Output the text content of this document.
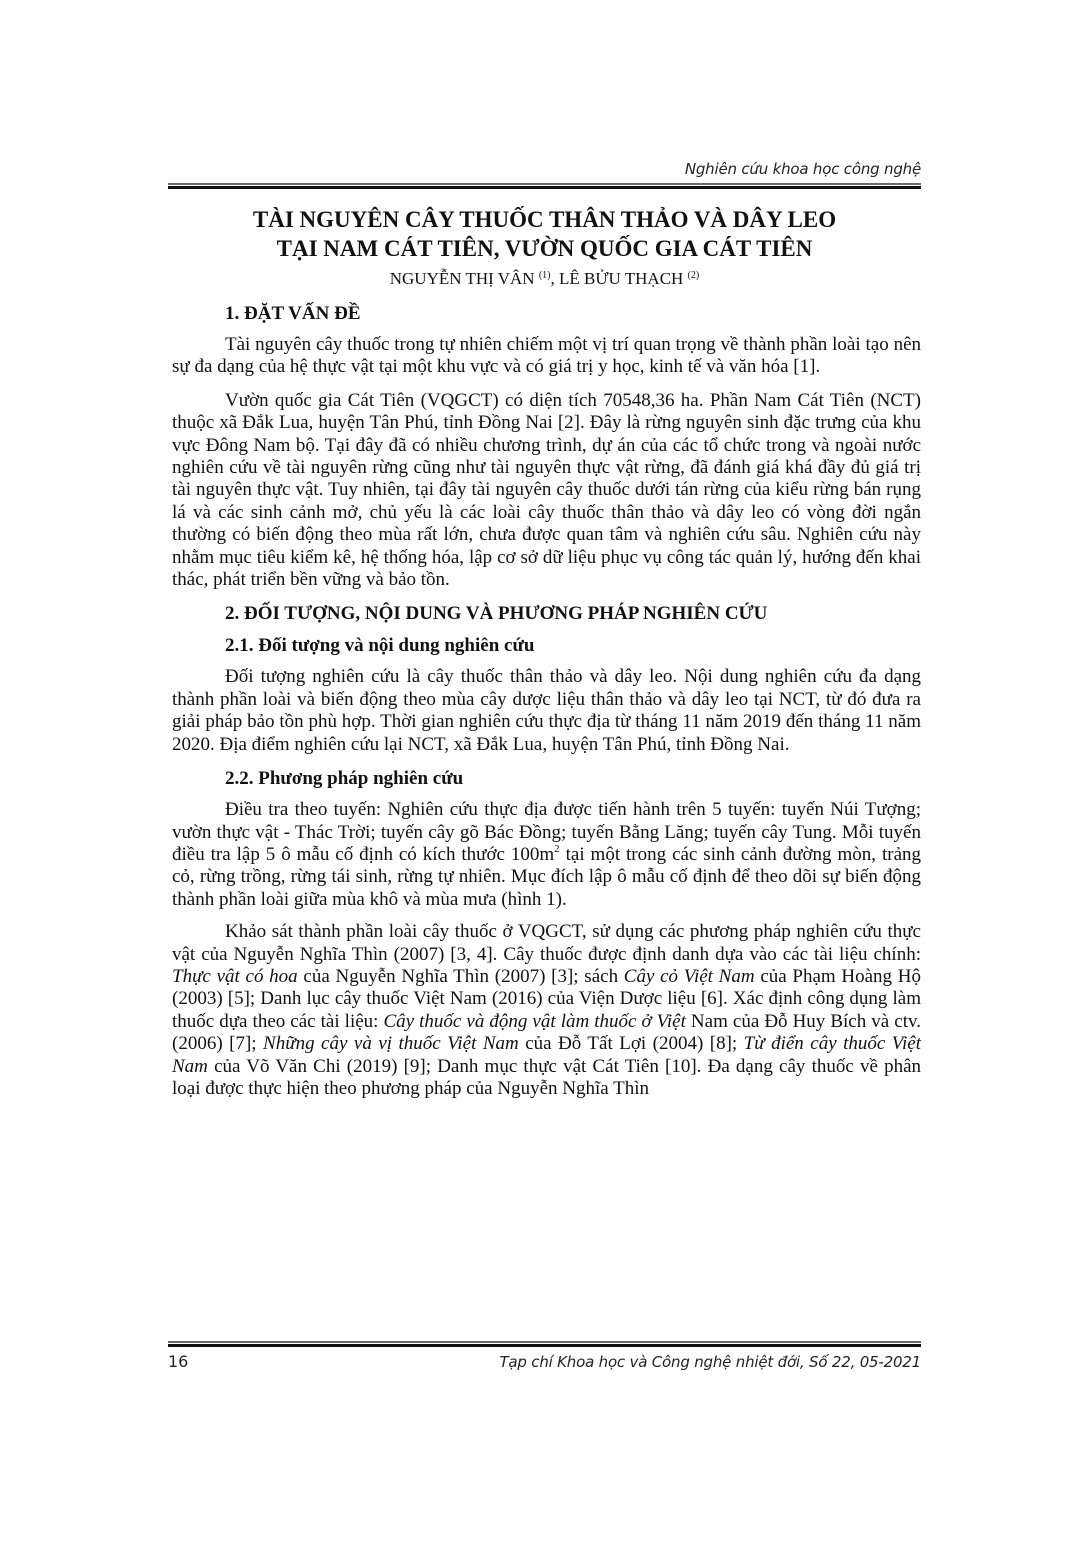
Nghiên cứu khoa học công nghệ
TÀI NGUYÊN CÂY THUỐC THÂN THẢO VÀ DÂY LEO
TẠI NAM CÁT TIÊN, VƯỜN QUỐC GIA CÁT TIÊN
NGUYỄN THỊ VÂN $^{(1)}$, LÊ BỬU THẠCH $^{(2)}$
1. ĐẶT VẤN ĐỀ

Tài nguyên cây thuốc trong tự nhiên chiếm một vị trí quan trọng về thành phần loài tạo nên sự đa dạng của hệ thực vật tại một khu vực và có giá trị y học, kinh tế và văn hóa [1].

Vườn quốc gia Cát Tiên (VQGCT) có diện tích 70548,36 ha. Phần Nam Cát Tiên (NCT) thuộc xã Đắk Lua, huyện Tân Phú, tỉnh Đồng Nai [2]. Đây là rừng nguyên sinh đặc trưng của khu vực Đông Nam bộ. Tại đây đã có nhiều chương trình, dự án của các tổ chức trong và ngoài nước nghiên cứu về tài nguyên rừng cũng như tài nguyên thực vật rừng, đã đánh giá khá đầy đủ giá trị tài nguyên thực vật. Tuy nhiên, tại đây tài nguyên cây thuốc dưới tán rừng của kiểu rừng bán rụng lá và các sinh cảnh mở, chủ yếu là các loài cây thuốc thân thảo và dây leo có vòng đời ngắn thường có biến động theo mùa rất lớn, chưa được quan tâm và nghiên cứu sâu. Nghiên cứu này nhằm mục tiêu kiểm kê, hệ thống hóa, lập cơ sở dữ liệu phục vụ công tác quản lý, hướng đến khai thác, phát triển bền vững và bảo tồn.

2. ĐỐI TƯỢNG, NỘI DUNG VÀ PHƯƠNG PHÁP NGHIÊN CỨU
2.1. Đối tượng và nội dung nghiên cứu

Đối tượng nghiên cứu là cây thuốc thân thảo và dây leo. Nội dung nghiên cứu đa dạng thành phần loài và biến động theo mùa cây dược liệu thân thảo và dây leo tại NCT, từ đó đưa ra giải pháp bảo tồn phù hợp. Thời gian nghiên cứu thực địa từ tháng 11 năm 2019 đến tháng 11 năm 2020. Địa điểm nghiên cứu lại NCT, xã Đắk Lua, huyện Tân Phú, tỉnh Đồng Nai.

2.2. Phương pháp nghiên cứu

Điều tra theo tuyến: Nghiên cứu thực địa được tiến hành trên 5 tuyến: tuyến Núi Tượng; vườn thực vật - Thác Trời; tuyến cây gõ Bác Đồng; tuyến Bằng Lăng; tuyến cây Tung. Mỗi tuyến điều tra lập 5 ô mẫu cố định có kích thước $100m^2$ tại một trong các sinh cảnh đường mòn, trảng cỏ, rừng trồng, rừng tái sinh, rừng tự nhiên. Mục đích lập ô mẫu cố định để theo dõi sự biến động thành phần loài giữa mùa khô và mùa mưa (hình 1).

Khảo sát thành phần loài cây thuốc ở VQGCT, sử dụng các phương pháp nghiên cứu thực vật của Nguyễn Nghĩa Thìn (2007) [3, 4]. Cây thuốc được định danh dựa vào các tài liệu chính: Thực vật có hoa của Nguyễn Nghĩa Thìn (2007) [3]; sách Cây cỏ Việt Nam của Phạm Hoàng Hộ (2003) [5]; Danh lục cây thuốc Việt Nam (2016) của Viện Dược liệu [6]. Xác định công dụng làm thuốc dựa theo các tài liệu: Cây thuốc và động vật làm thuốc ở Việt Nam của Đỗ Huy Bích và ctv. (2006) [7]; Những cây và vị thuốc Việt Nam của Đỗ Tất Lợi (2004) [8]; Từ điển cây thuốc Việt Nam của Võ Văn Chi (2019) [9]; Danh mục thực vật Cát Tiên [10]. Đa dạng cây thuốc về phân loại được thực hiện theo phương pháp của Nguyễn Nghĩa Thìn

16	Tạp chí Khoa học và Công nghệ nhiệt đới, Số 22, 05-2021
